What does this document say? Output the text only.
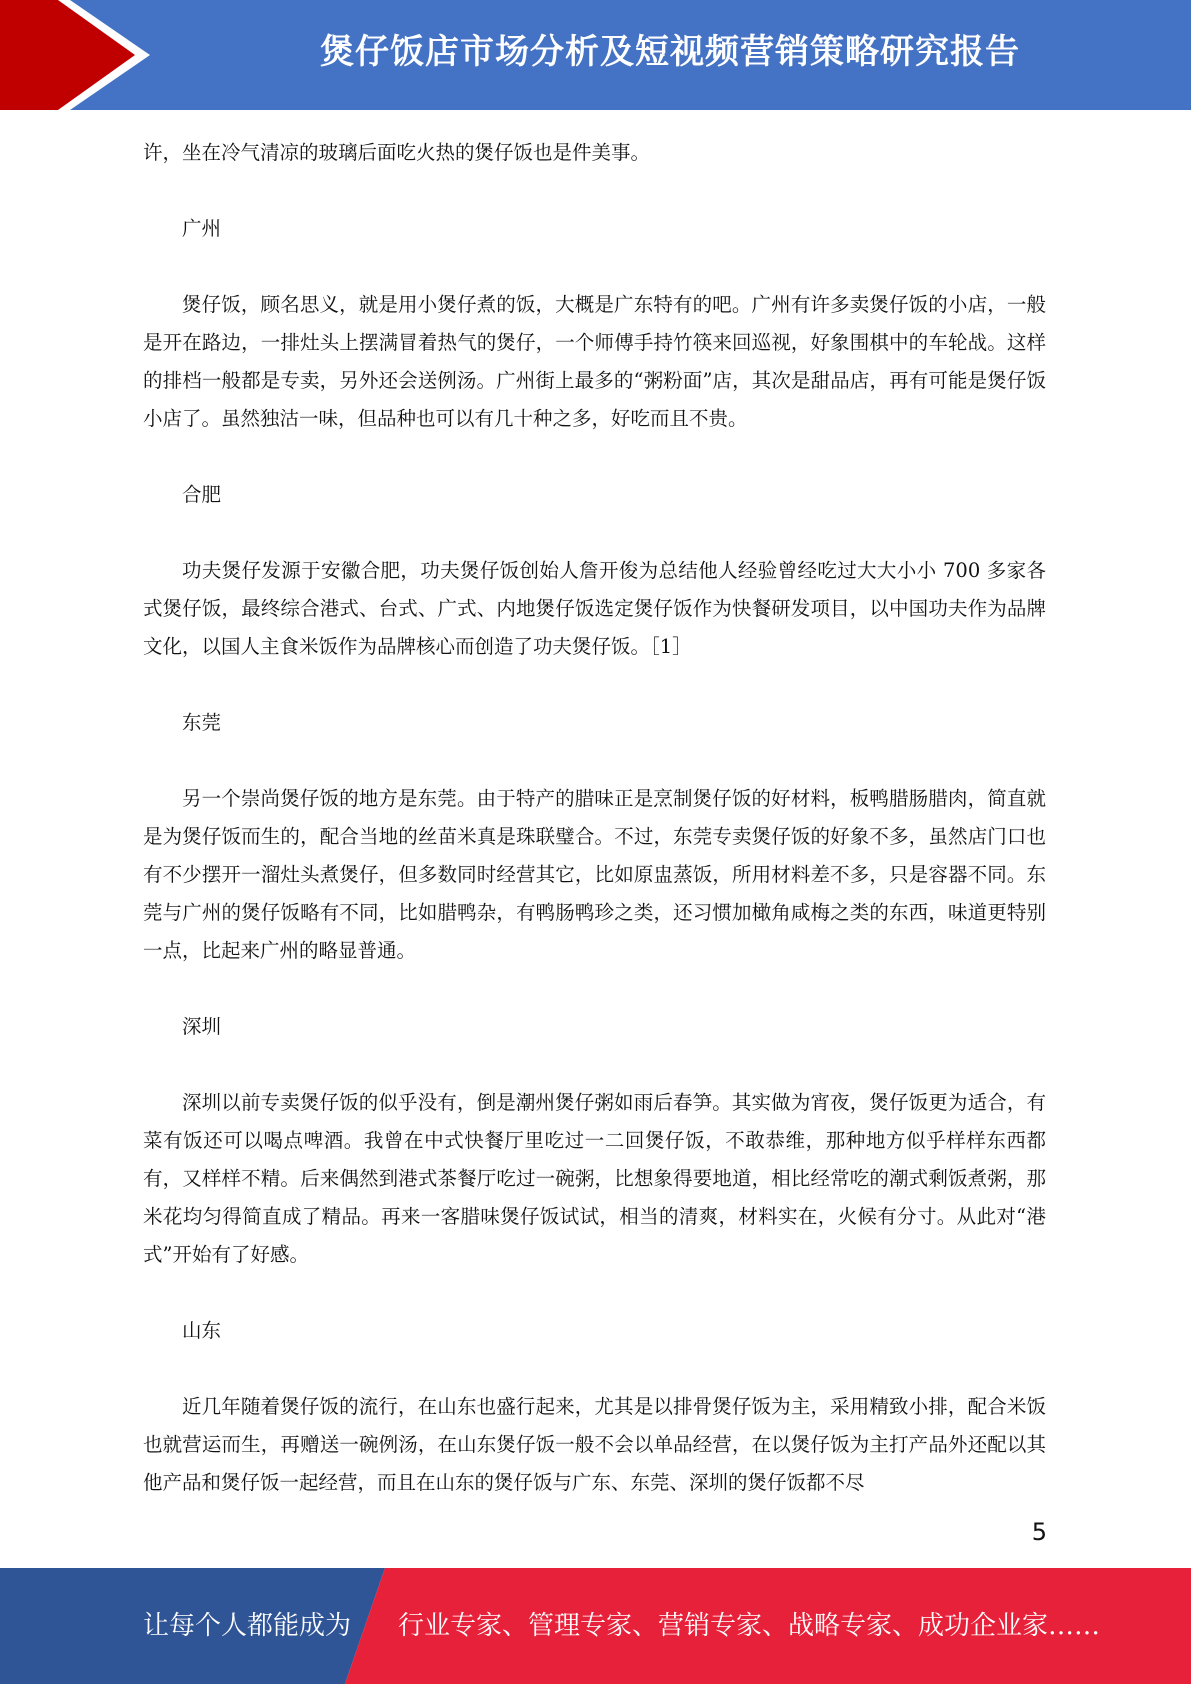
煲仔饭店市场分析及短视频营销策略研究报告

许，坐在冷气清凉的玻璃后面吃火热的煲仔饭也是件美事。

广州

煲仔饭，顾名思义，就是用小煲仔煮的饭，大概是广东特有的吧。广州有许多卖煲仔饭的小店，一般是开在路边，一排灶头上摆满冒着热气的煲仔，一个师傅手持竹筷来回巡视，好象围棋中的车轮战。这样的排档一般都是专卖，另外还会送例汤。广州街上最多的“粥粉面”店，其次是甜品店，再有可能是煲仔饭小店了。虽然独沽一味，但品种也可以有几十种之多，好吃而且不贵。

合肥

功夫煲仔发源于安徽合肥，功夫煲仔饭创始人詹开俊为总结他人经验曾经吃过大大小小 700 多家各式煲仔饭，最终综合港式、台式、广式、内地煲仔饭选定煲仔饭作为快餐研发项目，以中国功夫作为品牌文化，以国人主食米饭作为品牌核心而创造了功夫煲仔饭。［1］

东莞

另一个崇尚煲仔饭的地方是东莞。由于特产的腊味正是烹制煲仔饭的好材料，板鸭腊肠腊肉，简直就是为煲仔饭而生的，配合当地的丝苗米真是珠联璧合。不过，东莞专卖煲仔饭的好象不多，虽然店门口也有不少摆开一溜灶头煮煲仔，但多数同时经营其它，比如原盅蒸饭，所用材料差不多，只是容器不同。东莞与广州的煲仔饭略有不同，比如腊鸭杂，有鸭肠鸭珍之类，还习惯加橄角咸梅之类的东西，味道更特别一点，比起来广州的略显普通。

深圳

深圳以前专卖煲仔饭的似乎没有，倒是潮州煲仔粥如雨后春笋。其实做为宵夜，煲仔饭更为适合，有菜有饭还可以喝点啤酒。我曾在中式快餐厅里吃过一二回煲仔饭，不敢恭维，那种地方似乎样样东西都有，又样样不精。后来偶然到港式茶餐厅吃过一碗粥，比想象得要地道，相比经常吃的潮式剩饭煮粥，那米花均匀得简直成了精品。再来一客腊味煲仔饭试试，相当的清爽，材料实在，火候有分寸。从此对“港式”开始有了好感。

山东

近几年随着煲仔饭的流行，在山东也盛行起来，尤其是以排骨煲仔饭为主，采用精致小排，配合米饭也就营运而生，再赠送一碗例汤，在山东煲仔饭一般不会以单品经营，在以煲仔饭为主打产品外还配以其他产品和煲仔饭一起经营，而且在山东的煲仔饭与广东、东莞、深圳的煲仔饭都不尽

5
让每个人都能成为 行业专家、管理专家、营销专家、战略专家、成功企业家……
